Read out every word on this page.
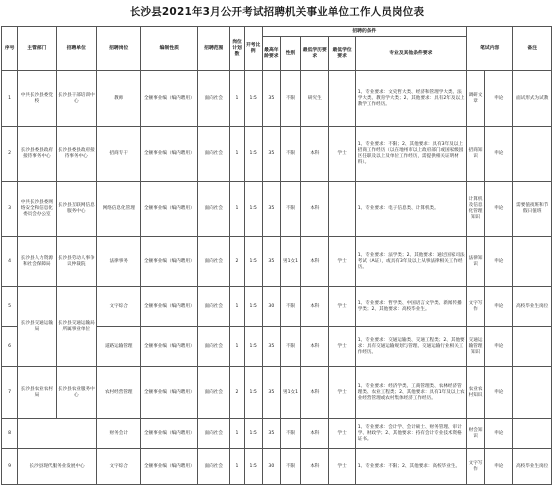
长沙县2021年3月公开考试招聘机关事业单位工作人员岗位表
序号	主管部门	招聘单位	招聘岗位	编制性质	招聘范围	岗位计划数	开考比例	招聘的条件					笔试内容		备注
								最高年龄要求	性别	最低学历要求	最低学位要求	专业及其他条件要求			
1	中共长沙县委党校	长沙县干部培训中心	教师	全额事业编（编内聘用）	面向社会	1	1:5	35	不限	研究生		1、专业要求：文史哲大类、经济和管理学大类、法学大类、教育学大类；2、其他要求：具有2年及以上教学工作经历。	调研文章	申论	面试形式为试教
2	长沙县委县政府接待事务中心	长沙县委县政府接待事务中心	招商专干	全额事业编（编内聘用）	面向社会	1	1:5	35	不限	本科	学士	1、专业要求：不限；2、其他要求：具有3年及以上招商工作经历（以在地州市以上政府部门或国家级园区任职及以上及单位工作经历，需提供相关证明材料）。	招商知识	申论	
3	中共长沙县委网络安全和信息化委员会办公室	长沙县互联网信息服务中心	网络信息化管理	全额事业编（编内聘用）	面向社会	1	1:5	35	不限	本科		1、专业要求：电子信息类、计算机类。	计算机及信息化管理知识	申论	需要值夜班和节假日值班
4	长沙县人力资源和社会保障局	长沙县劳动人事争议仲裁院	法律事务	全额事业编（编内聘用）	面向社会	2	1:5	35	男1女1	本科	学士	1、专业要求：法学类；2、其他要求：通过国家司法考试（A证），或具有3年及以上从事法律相关工作经历。	法律知识	申论	
5	长沙县交通运输局	长沙县交通运输局所属事业单位	文字综合	全额事业编（编内聘用）	面向社会	1	1:5	30	不限	本科	学士	1、专业要求：哲学类、中国语言文学类、新闻传播学类；2、其他要求：高校毕业生。	文字写作	申论	高校毕业生岗位
6			道路运输管理	全额事业编（编内聘用）	面向社会	1	1:5	35	不限	本科	学士	1、专业要求：交通运输类、交通工程类；2、其他要求：具有交通运输规划与管理、交通运输行业相关工作经历。	交通运输管理知识	申论	
7	长沙县农业农村局	长沙县农业服务中心	农村经营管理	全额事业编（编内聘用）	面向社会	2	1:5	35	男1女1	本科	学士	1、专业要求：经济学类、工商管理类、农林经济管理类、农业工程类；2、其他要求：具有1年及以上农业经营管理或农村集体经济工作经历。	农业农村知识	申论	
8			财务会计	全额事业编（编内聘用）	面向社会	1	1:5	35	不限	本科	学士	1、专业要求：会计学、会计硕士、财务管理、审计学、财政学；2、其他要求：持有会计专业技术资格证书。	财会知识	申论	
9	长沙县现代服务业发展中心		文字综合	全额事业编（编内聘用）	面向社会	1	1:5	30	不限	本科	学士	1、专业要求：不限；2、其他要求：高校毕业生。	文字写作	申论	高校毕业生岗位
